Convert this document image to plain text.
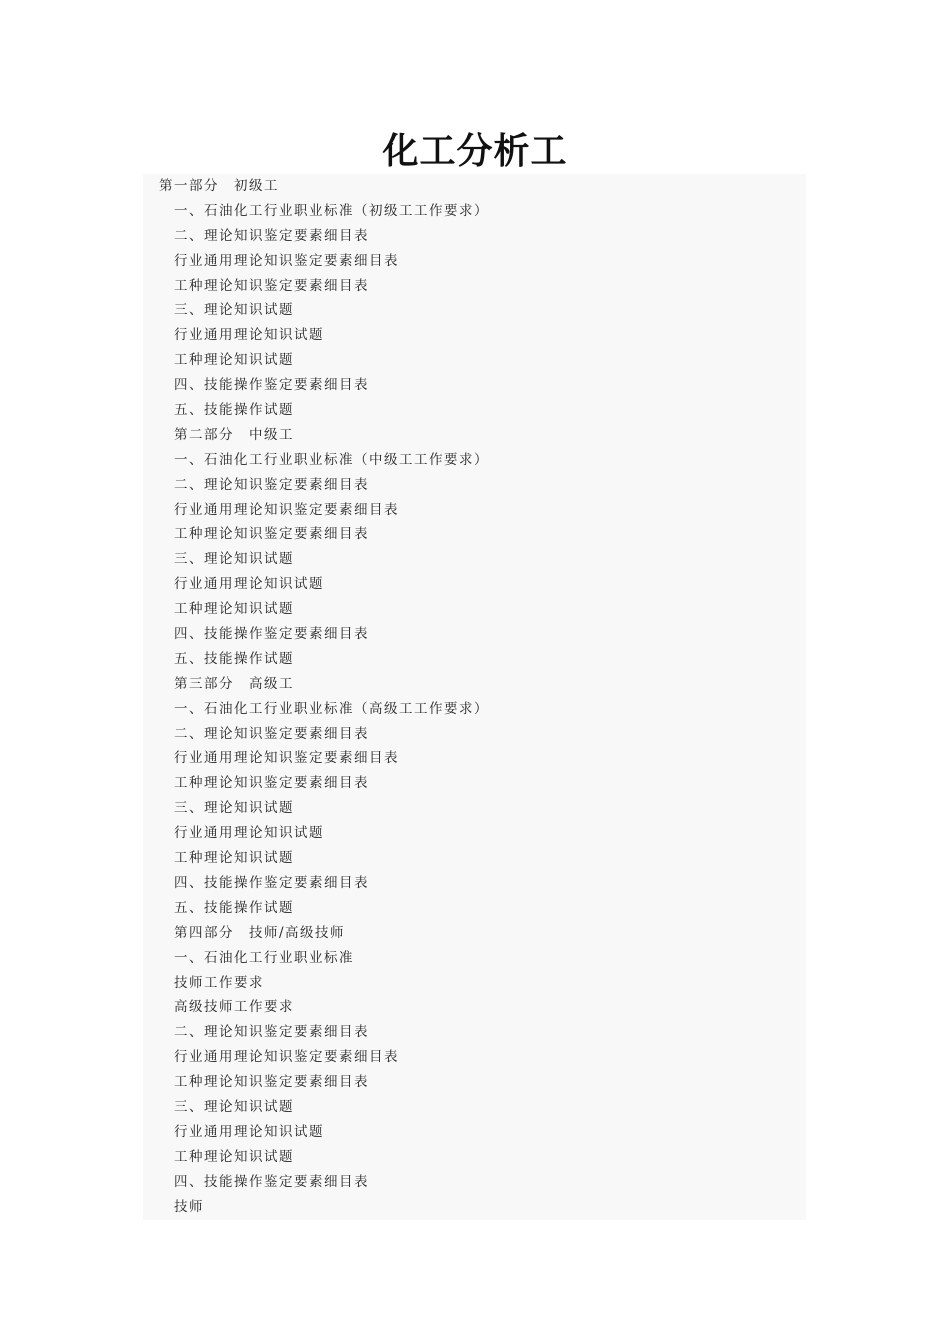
化工分析工
第一部分　初级工
一、石油化工行业职业标准（初级工工作要求）
二、理论知识鉴定要素细目表
行业通用理论知识鉴定要素细目表
工种理论知识鉴定要素细目表
三、理论知识试题
行业通用理论知识试题
工种理论知识试题
四、技能操作鉴定要素细目表
五、技能操作试题
第二部分　中级工
一、石油化工行业职业标准（中级工工作要求）
二、理论知识鉴定要素细目表
行业通用理论知识鉴定要素细目表
工种理论知识鉴定要素细目表
三、理论知识试题
行业通用理论知识试题
工种理论知识试题
四、技能操作鉴定要素细目表
五、技能操作试题
第三部分　高级工
一、石油化工行业职业标准（高级工工作要求）
二、理论知识鉴定要素细目表
行业通用理论知识鉴定要素细目表
工种理论知识鉴定要素细目表
三、理论知识试题
行业通用理论知识试题
工种理论知识试题
四、技能操作鉴定要素细目表
五、技能操作试题
第四部分　技师/高级技师
一、石油化工行业职业标准
技师工作要求
高级技师工作要求
二、理论知识鉴定要素细目表
行业通用理论知识鉴定要素细目表
工种理论知识鉴定要素细目表
三、理论知识试题
行业通用理论知识试题
工种理论知识试题
四、技能操作鉴定要素细目表
技师
